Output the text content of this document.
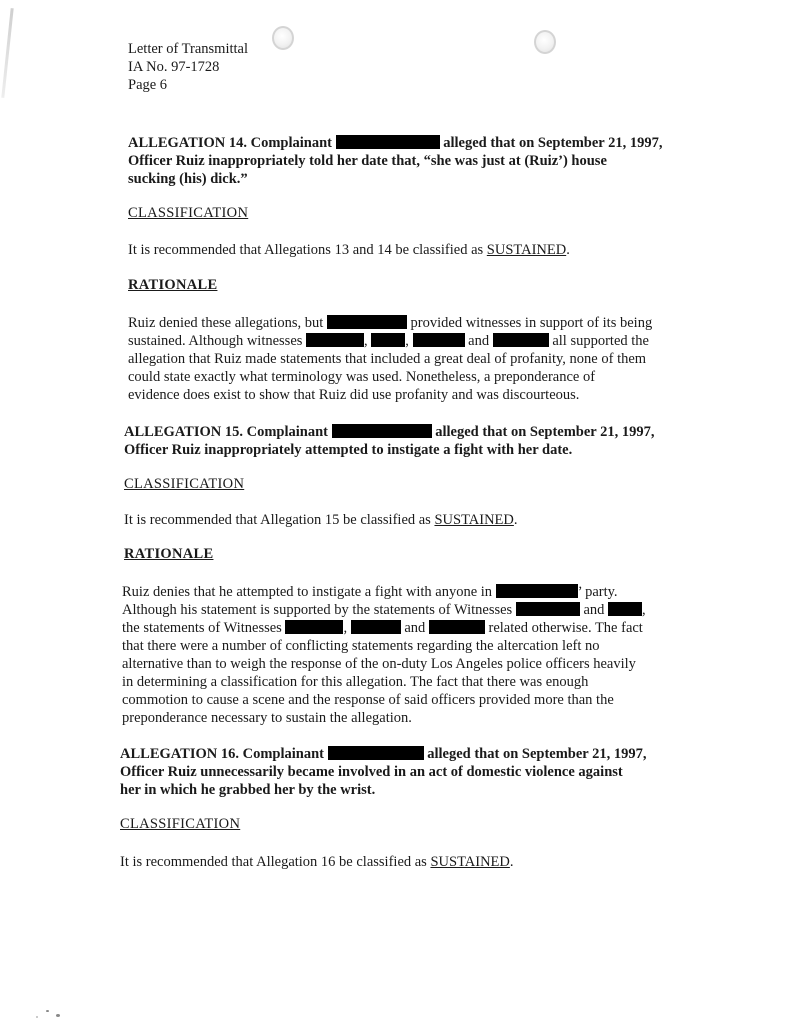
Letter of Transmittal
IA No. 97-1728
Page 6
ALLEGATION 14. Complainant	alleged that on September 21, 1997,
Officer Ruiz inappropriately told her date that, “she was just at (Ruiz’) house
sucking (his) dick.”
CLASSIFICATION
It is recommended that Allegations 13 and 14 be classified as SUSTAINED.
RATIONALE
Ruiz denied these allegations, but	provided witnesses in support of its being
sustained. Although witnesses	, ,	and	all supported the
allegation that Ruiz made statements that included a great deal of profanity, none of them
could state exactly what terminology was used. Nonetheless, a preponderance of
evidence does exist to show that Ruiz did use profanity and was discourteous.
ALLEGATION 15. Complainant	alleged that on September 21, 1997,
Officer Ruiz inappropriately attempted to instigate a fight with her date.
CLASSIFICATION
It is recommended that Allegation 15 be classified as SUSTAINED.
RATIONALE
Ruiz denies that he attempted to instigate a fight with anyone in	’ party.
Although his statement is supported by the statements of Witnesses	and ,
the statements of Witnesses	,	and	related otherwise. The fact
that there were a number of conflicting statements regarding the altercation left no
alternative than to weigh the response of the on-duty Los Angeles police officers heavily
in determining a classification for this allegation. The fact that there was enough
commotion to cause a scene and the response of said officers provided more than the
preponderance necessary to sustain the allegation.
ALLEGATION 16. Complainant	alleged that on September 21, 1997,
Officer Ruiz unnecessarily became involved in an act of domestic violence against
her in which he grabbed her by the wrist.
CLASSIFICATION
It is recommended that Allegation 16 be classified as SUSTAINED.
